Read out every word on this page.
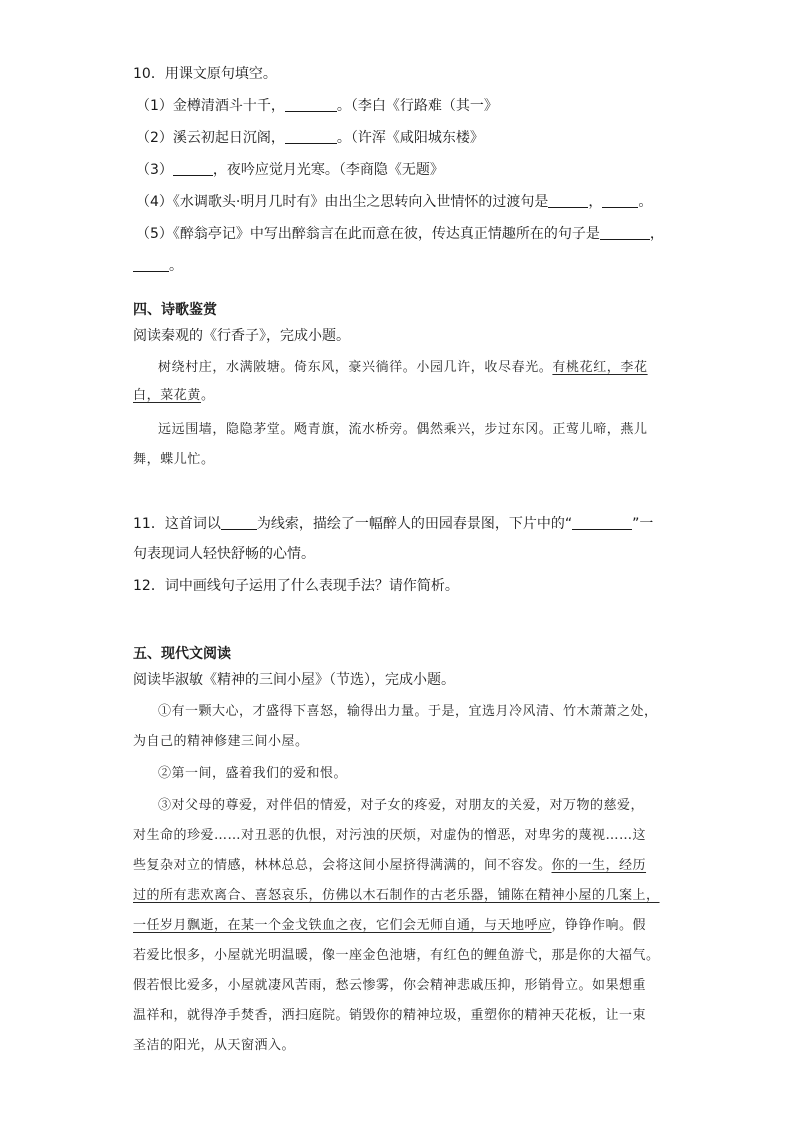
10．用课文原句填空。
（1）金樽清酒斗十千，	。（李白《行路难（其一》
（2）溪云初起日沉阁，	。（许浑《咸阳城东楼》
（3）	，夜吟应觉月光寒。（李商隐《无题》
（4）《水调歌头·明月几时有》由出尘之思转向入世情怀的过渡句是	，	。
（5）《醉翁亭记》中写出醉翁言在此而意在彼，传达真正情趣所在的句子是	，
。
四、诗歌鉴赏
阅读秦观的《行香子》，完成小题。
树绕村庄，水满陂塘。倚东风，豪兴徜徉。小园几许，收尽春光。有桃花红，李花
白，菜花黄。
远远围墙，隐隐茅堂。飏青旗，流水桥旁。偶然乘兴，步过东冈。正莺儿啼，燕儿
舞，蝶儿忙。
11．这首词以	为线索，描绘了一幅醉人的田园春景图，下片中的“	”一
句表现词人轻快舒畅的心情。
12．词中画线句子运用了什么表现手法？请作简析。
五、现代文阅读
阅读毕淑敏《精神的三间小屋》（节选），完成小题。
①有一颗大心，才盛得下喜怒，输得出力量。于是，宜选月冷风清、竹木萧萧之处，
为自己的精神修建三间小屋。
②第一间，盛着我们的爱和恨。
③对父母的尊爱，对伴侣的情爱，对子女的疼爱，对朋友的关爱，对万物的慈爱，
对生命的珍爱……对丑恶的仇恨，对污浊的厌烦，对虚伪的憎恶，对卑劣的蔑视……这
些复杂对立的情感，林林总总，会将这间小屋挤得满满的，间不容发。你的一生，经历
过的所有悲欢离合、喜怒哀乐，仿佛以木石制作的古老乐器，铺陈在精神小屋的几案上，
一任岁月飘逝，在某一个金戈铁血之夜，它们会无师自通，与天地呼应，铮铮作响。假
若爱比恨多，小屋就光明温暖，像一座金色池塘，有红色的鲤鱼游弋，那是你的大福气。
假若恨比爱多，小屋就凄风苦雨，愁云惨雾，你会精神悲戚压抑，形销骨立。如果想重
温祥和，就得净手焚香，洒扫庭院。销毁你的精神垃圾，重塑你的精神天花板，让一束
圣洁的阳光，从天窗洒入。
